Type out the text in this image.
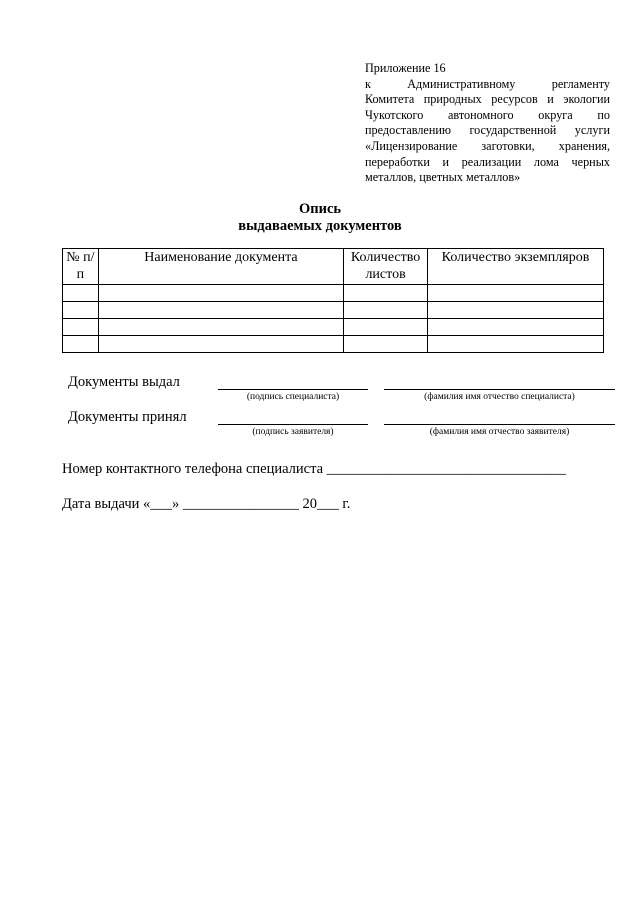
Приложение 16
к Административному регламенту
Комитета природных ресурсов и экологии
Чукотского автономного округа по
предоставлению государственной услуги
«Лицензирование заготовки, хранения,
переработки и реализации лома черных
металлов, цветных металлов»
Опись
выдаваемых документов
№ п/п	Наименование документа	Количество листов	Количество экземпляров

Документы выдал
(подпись специалиста)	(фамилия имя отчество специалиста)
Документы принял
(подпись заявителя)	(фамилия имя отчество заявителя)
Номер контактного телефона специалиста _________________________________
Дата выдачи «___» ________________ 20___ г.
